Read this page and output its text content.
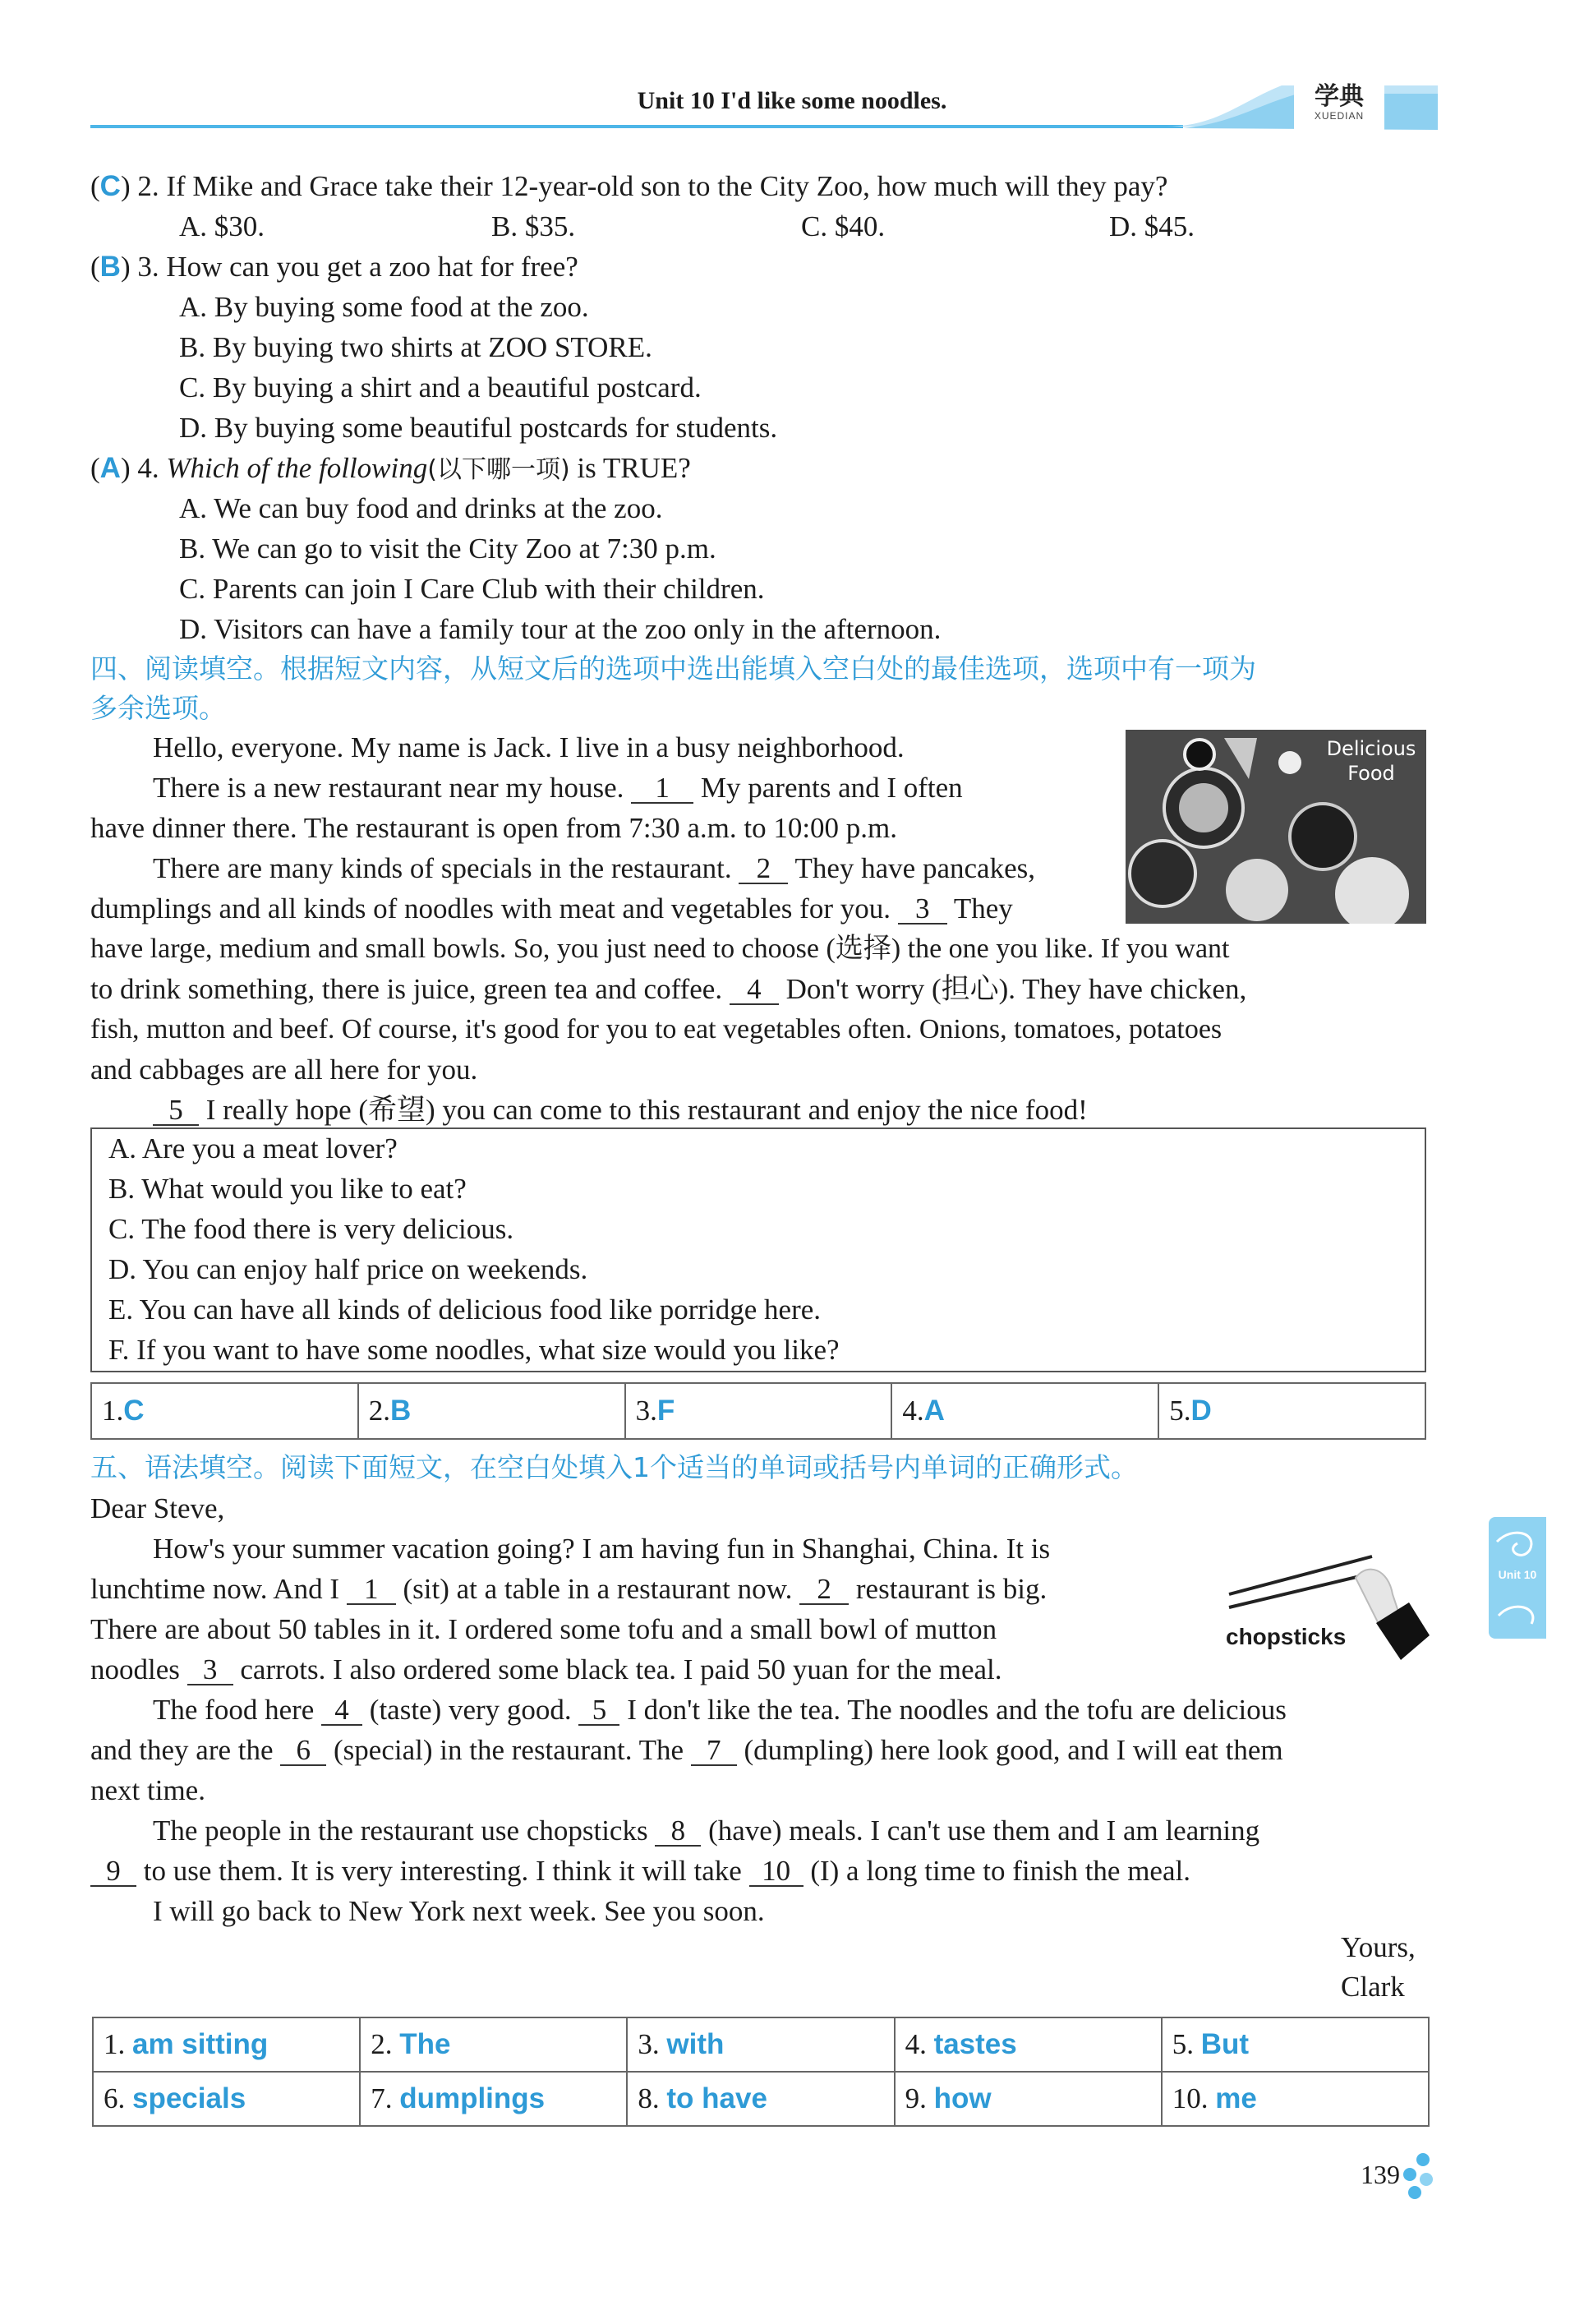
Unit 10 I'd like some noodles.	学典
XUEDIAN
(C) 2. If Mike and Grace take their 12-year-old son to the City Zoo, how much will they pay?
A. $30.	B. $35.	C. $40.	D. $45.
(B) 3. How can you get a zoo hat for free?
A. By buying some food at the zoo.
B. By buying two shirts at ZOO STORE.
C. By buying a shirt and a beautiful postcard.
D. By buying some beautiful postcards for students.
(A) 4. Which of the following(以下哪一项) is TRUE?
A. We can buy food and drinks at the zoo.
B. We can go to visit the City Zoo at 7:30 p.m.
C. Parents can join I Care Club with their children.
D. Visitors can have a family tour at the zoo only in the afternoon.
四、阅读填空。根据短文内容，从短文后的选项中选出能填入空白处的最佳选项，选项中有一项为
多余选项。
Delicious Food
Hello, everyone. My name is Jack. I live in a busy neighborhood.
There is a new restaurant near my house. 1 My parents and I often
have dinner there. The restaurant is open from 7:30 a.m. to 10:00 p.m.
There are many kinds of specials in the restaurant. 2 They have pancakes,
dumplings and all kinds of noodles with meat and vegetables for you. 3 They
have large, medium and small bowls. So, you just need to choose (选择) the one you like. If you want
to drink something, there is juice, green tea and coffee. 4 Don't worry (担心). They have chicken,
fish, mutton and beef. Of course, it's good for you to eat vegetables often. Onions, tomatoes, potatoes
and cabbages are all here for you.
5 I really hope (希望) you can come to this restaurant and enjoy the nice food!
A. Are you a meat lover?
B. What would you like to eat?
C. The food there is very delicious.
D. You can enjoy half price on weekends.
E. You can have all kinds of delicious food like porridge here.
F. If you want to have some noodles, what size would you like?
1.C	2.B	3.F	4.A	5.D
五、语法填空。阅读下面短文，在空白处填入1个适当的单词或括号内单词的正确形式。
Dear Steve,
chopsticks
How's your summer vacation going? I am having fun in Shanghai, China. It is
lunchtime now. And I 1 (sit) at a table in a restaurant now. 2 restaurant is big.
There are about 50 tables in it. I ordered some tofu and a small bowl of mutton
noodles 3 carrots. I also ordered some black tea. I paid 50 yuan for the meal.
The food here 4 (taste) very good. 5 I don't like the tea. The noodles and the tofu are delicious
and they are the 6 (special) in the restaurant. The 7 (dumpling) here look good, and I will eat them
next time.
The people in the restaurant use chopsticks 8 (have) meals. I can't use them and I am learning
9 to use them. It is very interesting. I think it will take 10 (I) a long time to finish the meal.
I will go back to New York next week. See you soon.
Yours,
Clark
1. am sitting	2. The	3. with	4. tastes	5. But
6. specials	7. dumplings	8. to have	9. how	10. me
Unit 10
139
